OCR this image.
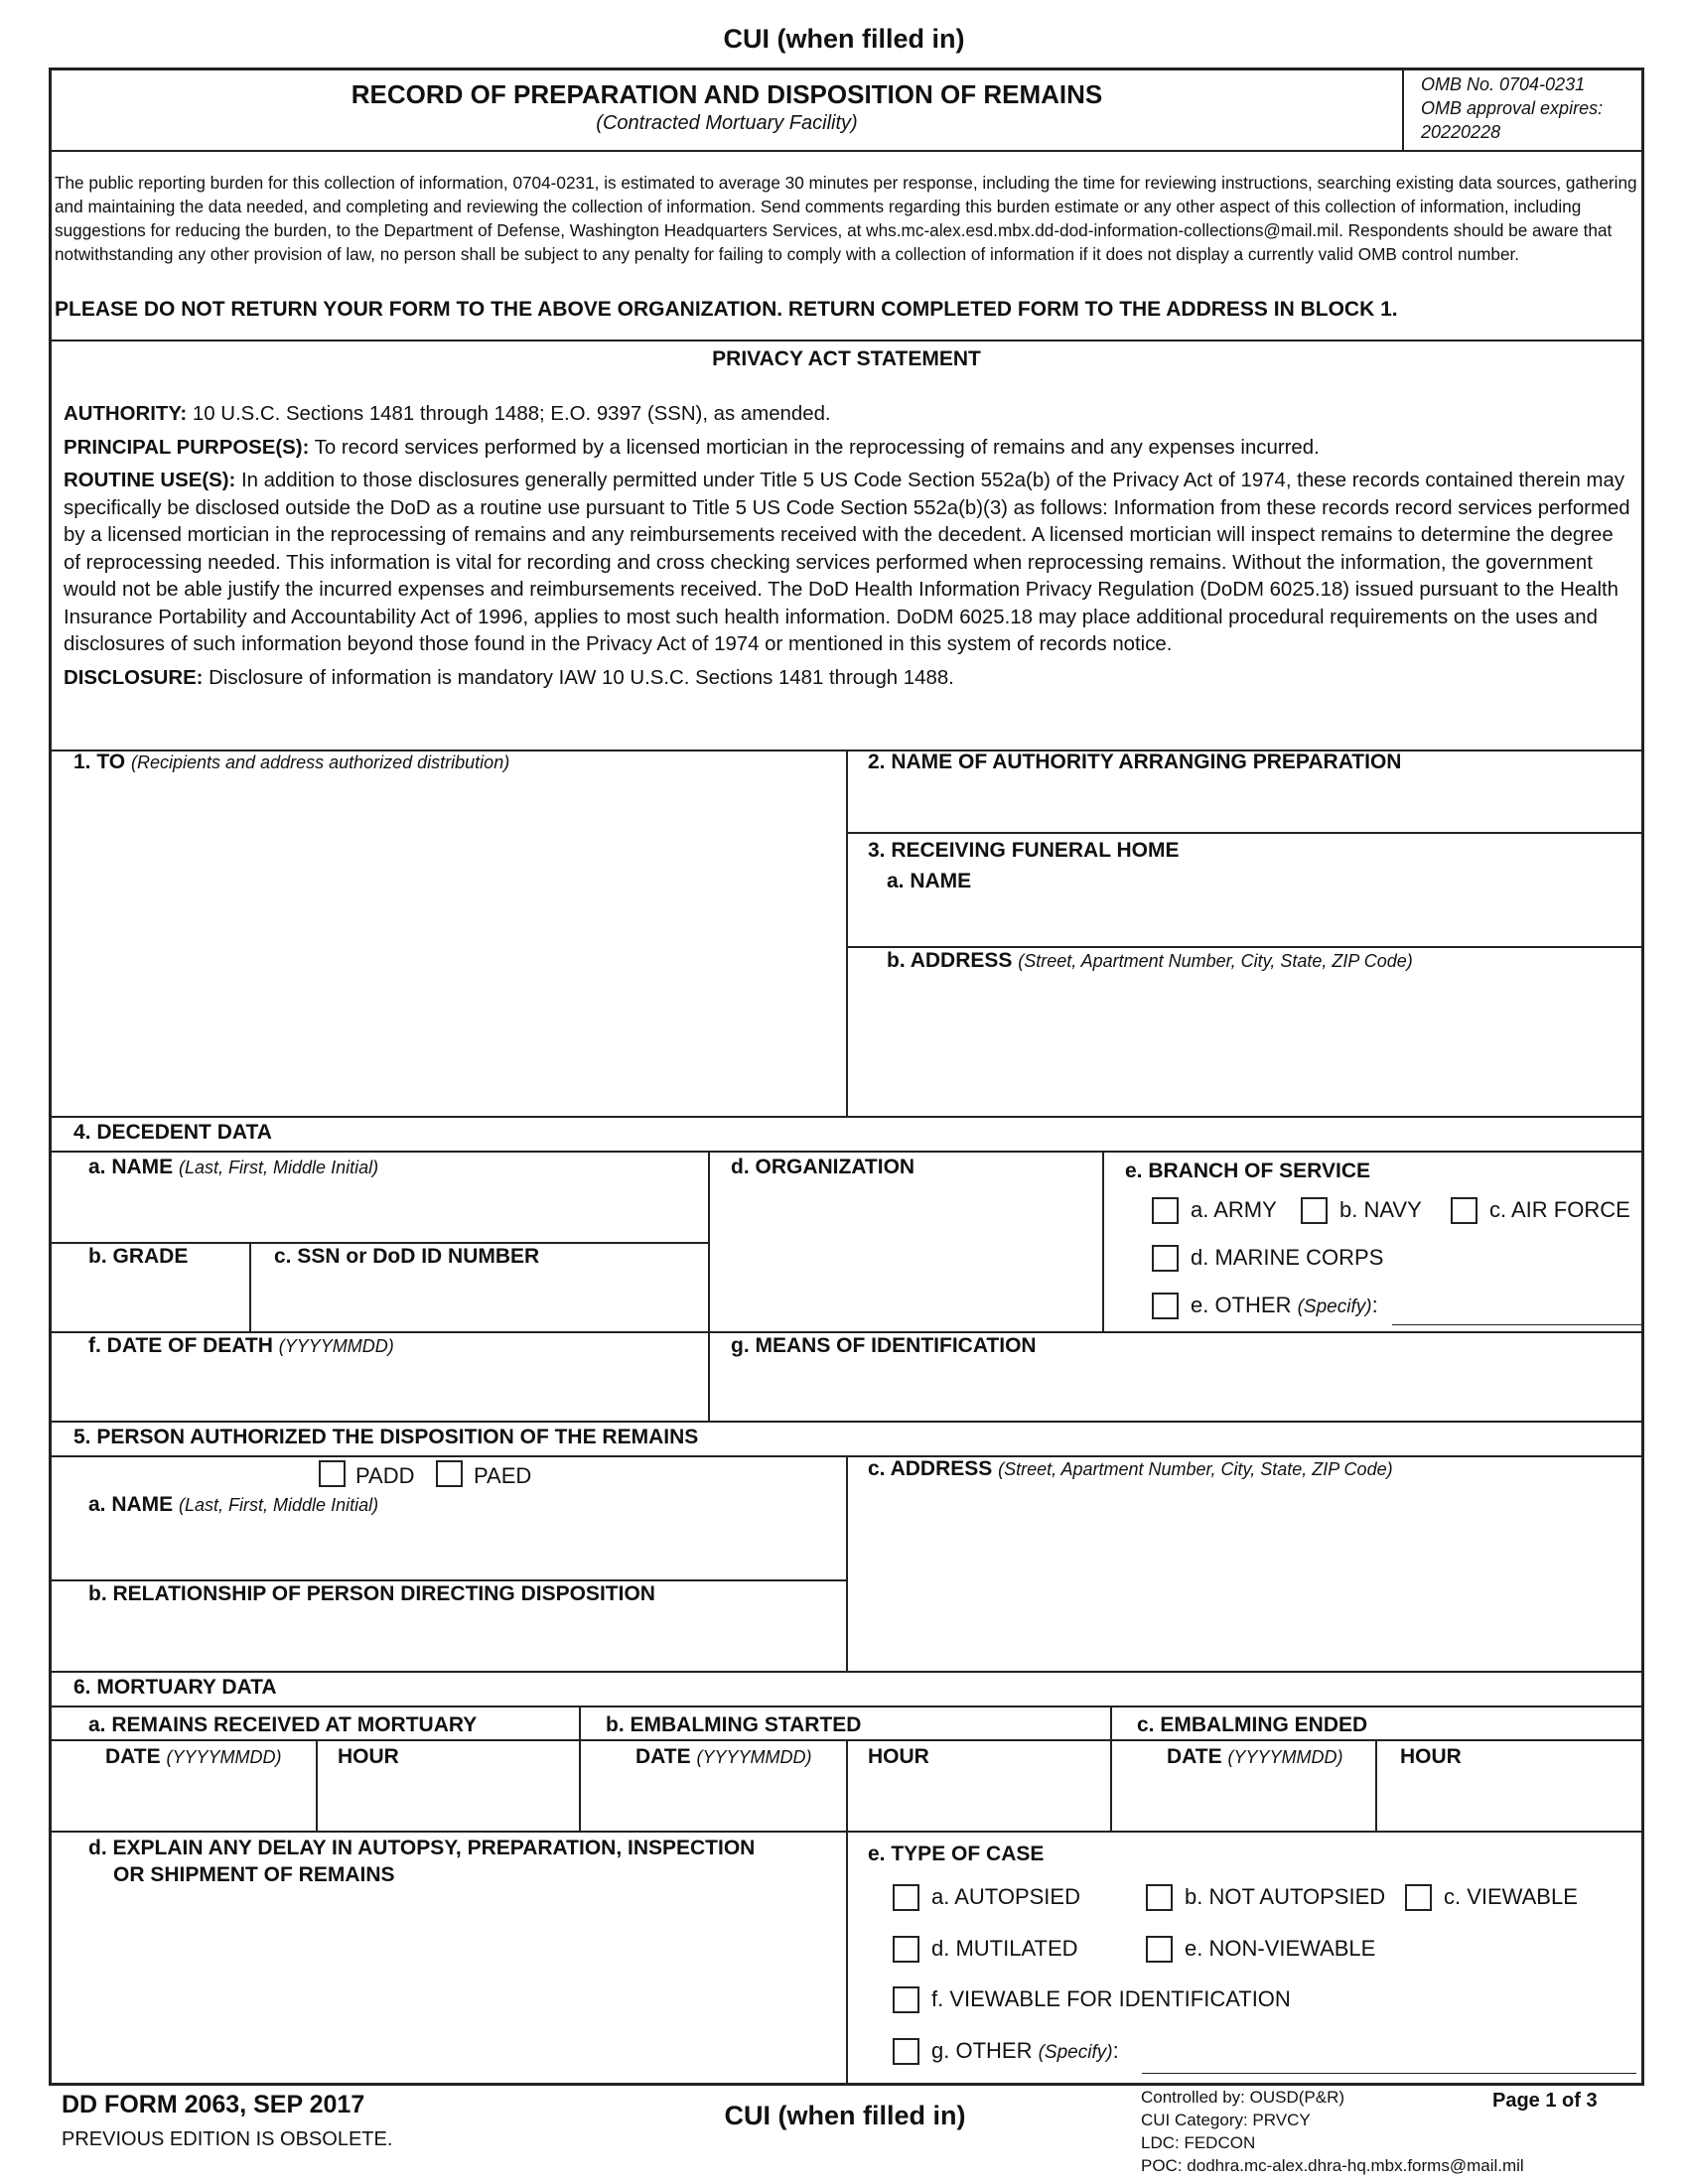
CUI (when filled in)
RECORD OF PREPARATION AND DISPOSITION OF REMAINS
(Contracted Mortuary Facility)
OMB No. 0704-0231
OMB approval expires:
20220228
The public reporting burden for this collection of information, 0704-0231, is estimated to average 30 minutes per response, including the time for reviewing instructions, searching existing data sources, gathering and maintaining the data needed, and completing and reviewing the collection of information. Send comments regarding this burden estimate or any other aspect of this collection of information, including suggestions for reducing the burden, to the Department of Defense, Washington Headquarters Services, at whs.mc-alex.esd.mbx.dd-dod-information-collections@mail.mil. Respondents should be aware that notwithstanding any other provision of law, no person shall be subject to any penalty for failing to comply with a collection of information if it does not display a currently valid OMB control number.
PLEASE DO NOT RETURN YOUR FORM TO THE ABOVE ORGANIZATION. RETURN COMPLETED FORM TO THE ADDRESS IN BLOCK 1.
PRIVACY ACT STATEMENT

AUTHORITY: 10 U.S.C. Sections 1481 through 1488; E.O. 9397 (SSN), as amended.

PRINCIPAL PURPOSE(S): To record services performed by a licensed mortician in the reprocessing of remains and any expenses incurred.

ROUTINE USE(S): In addition to those disclosures generally permitted under Title 5 US Code Section 552a(b) of the Privacy Act of 1974, these records contained therein may specifically be disclosed outside the DoD as a routine use pursuant to Title 5 US Code Section 552a(b)(3) as follows: Information from these records record services performed by a licensed mortician in the reprocessing of remains and any reimbursements received with the decedent. A licensed mortician will inspect remains to determine the degree of reprocessing needed. This information is vital for recording and cross checking services performed when reprocessing remains. Without the information, the government would not be able justify the incurred expenses and reimbursements received. The DoD Health Information Privacy Regulation (DoDM 6025.18) issued pursuant to the Health Insurance Portability and Accountability Act of 1996, applies to most such health information. DoDM 6025.18 may place additional procedural requirements on the uses and disclosures of such information beyond those found in the Privacy Act of 1974 or mentioned in this system of records notice.

DISCLOSURE: Disclosure of information is mandatory IAW 10 U.S.C. Sections 1481 through 1488.

1. TO (Recipients and address authorized distribution)	2. NAME OF AUTHORITY ARRANGING PREPARATION
3. RECEIVING FUNERAL HOME
a. NAME
b. ADDRESS (Street, Apartment Number, City, State, ZIP Code)
4. DECEDENT DATA
a. NAME (Last, First, Middle Initial)
b. GRADE	c. SSN or DoD ID NUMBER
d. ORGANIZATION	e. BRANCH OF SERVICE
a. ARMY	b. NAVY	c. AIR FORCE
d. MARINE CORPS
e. OTHER (Specify):
f. DATE OF DEATH (YYYYMMDD)	g. MEANS OF IDENTIFICATION
5. PERSON AUTHORIZED THE DISPOSITION OF THE REMAINS
PADD	PAED
a. NAME (Last, First, Middle Initial)
b. RELATIONSHIP OF PERSON DIRECTING DISPOSITION
c. ADDRESS (Street, Apartment Number, City, State, ZIP Code)
6. MORTUARY DATA
a. REMAINS RECEIVED AT MORTUARY	b. EMBALMING STARTED	c. EMBALMING ENDED
DATE (YYYYMMDD)	HOUR	DATE (YYYYMMDD)	HOUR	DATE (YYYYMMDD)	HOUR
d. EXPLAIN ANY DELAY IN AUTOPSY, PREPARATION, INSPECTION
OR SHIPMENT OF REMAINS
e. TYPE OF CASE
a. AUTOPSIED	b. NOT AUTOPSIED	c. VIEWABLE
d. MUTILATED	e. NON-VIEWABLE
f. VIEWABLE FOR IDENTIFICATION
g. OTHER (Specify):
DD FORM 2063, SEP 2017
PREVIOUS EDITION IS OBSOLETE.
CUI (when filled in)
Controlled by: OUSD(P&R)
CUI Category: PRVCY
LDC: FEDCON
POC: dodhra.mc-alex.dhra-hq.mbx.forms@mail.mil
Page 1 of 3
